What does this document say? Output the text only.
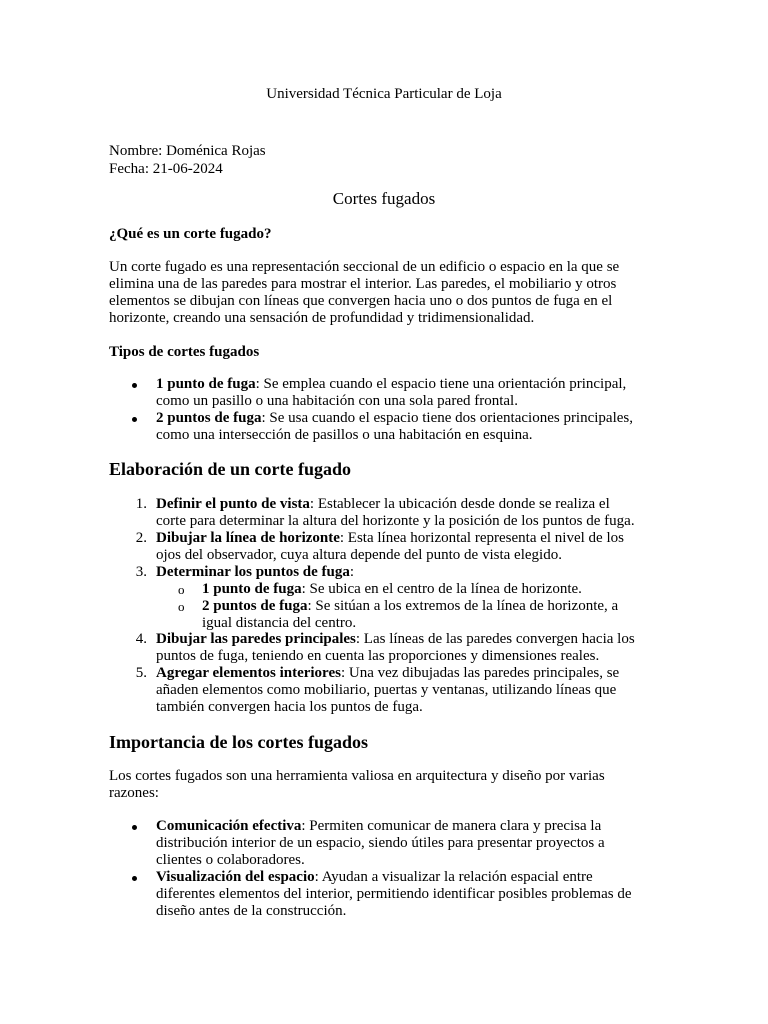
Universidad Técnica Particular de Loja
Nombre: Doménica Rojas
Fecha: 21-06-2024
Cortes fugados
¿Qué es un corte fugado?
Un corte fugado es una representación seccional de un edificio o espacio en la que se
elimina una de las paredes para mostrar el interior. Las paredes, el mobiliario y otros
elementos se dibujan con líneas que convergen hacia uno o dos puntos de fuga en el
horizonte, creando una sensación de profundidad y tridimensionalidad.
Tipos de cortes fugados
1 punto de fuga: Se emplea cuando el espacio tiene una orientación principal,
como un pasillo o una habitación con una sola pared frontal.
2 puntos de fuga: Se usa cuando el espacio tiene dos orientaciones principales,
como una intersección de pasillos o una habitación en esquina.
Elaboración de un corte fugado
1. Definir el punto de vista: Establecer la ubicación desde donde se realiza el
corte para determinar la altura del horizonte y la posición de los puntos de fuga.
2. Dibujar la línea de horizonte: Esta línea horizontal representa el nivel de los
ojos del observador, cuya altura depende del punto de vista elegido.
3. Determinar los puntos de fuga:
o 1 punto de fuga: Se ubica en el centro de la línea de horizonte.
o 2 puntos de fuga: Se sitúan a los extremos de la línea de horizonte, a
igual distancia del centro.
4. Dibujar las paredes principales: Las líneas de las paredes convergen hacia los
puntos de fuga, teniendo en cuenta las proporciones y dimensiones reales.
5. Agregar elementos interiores: Una vez dibujadas las paredes principales, se
añaden elementos como mobiliario, puertas y ventanas, utilizando líneas que
también convergen hacia los puntos de fuga.
Importancia de los cortes fugados
Los cortes fugados son una herramienta valiosa en arquitectura y diseño por varias
razones:
Comunicación efectiva: Permiten comunicar de manera clara y precisa la
distribución interior de un espacio, siendo útiles para presentar proyectos a
clientes o colaboradores.
Visualización del espacio: Ayudan a visualizar la relación espacial entre
diferentes elementos del interior, permitiendo identificar posibles problemas de
diseño antes de la construcción.
